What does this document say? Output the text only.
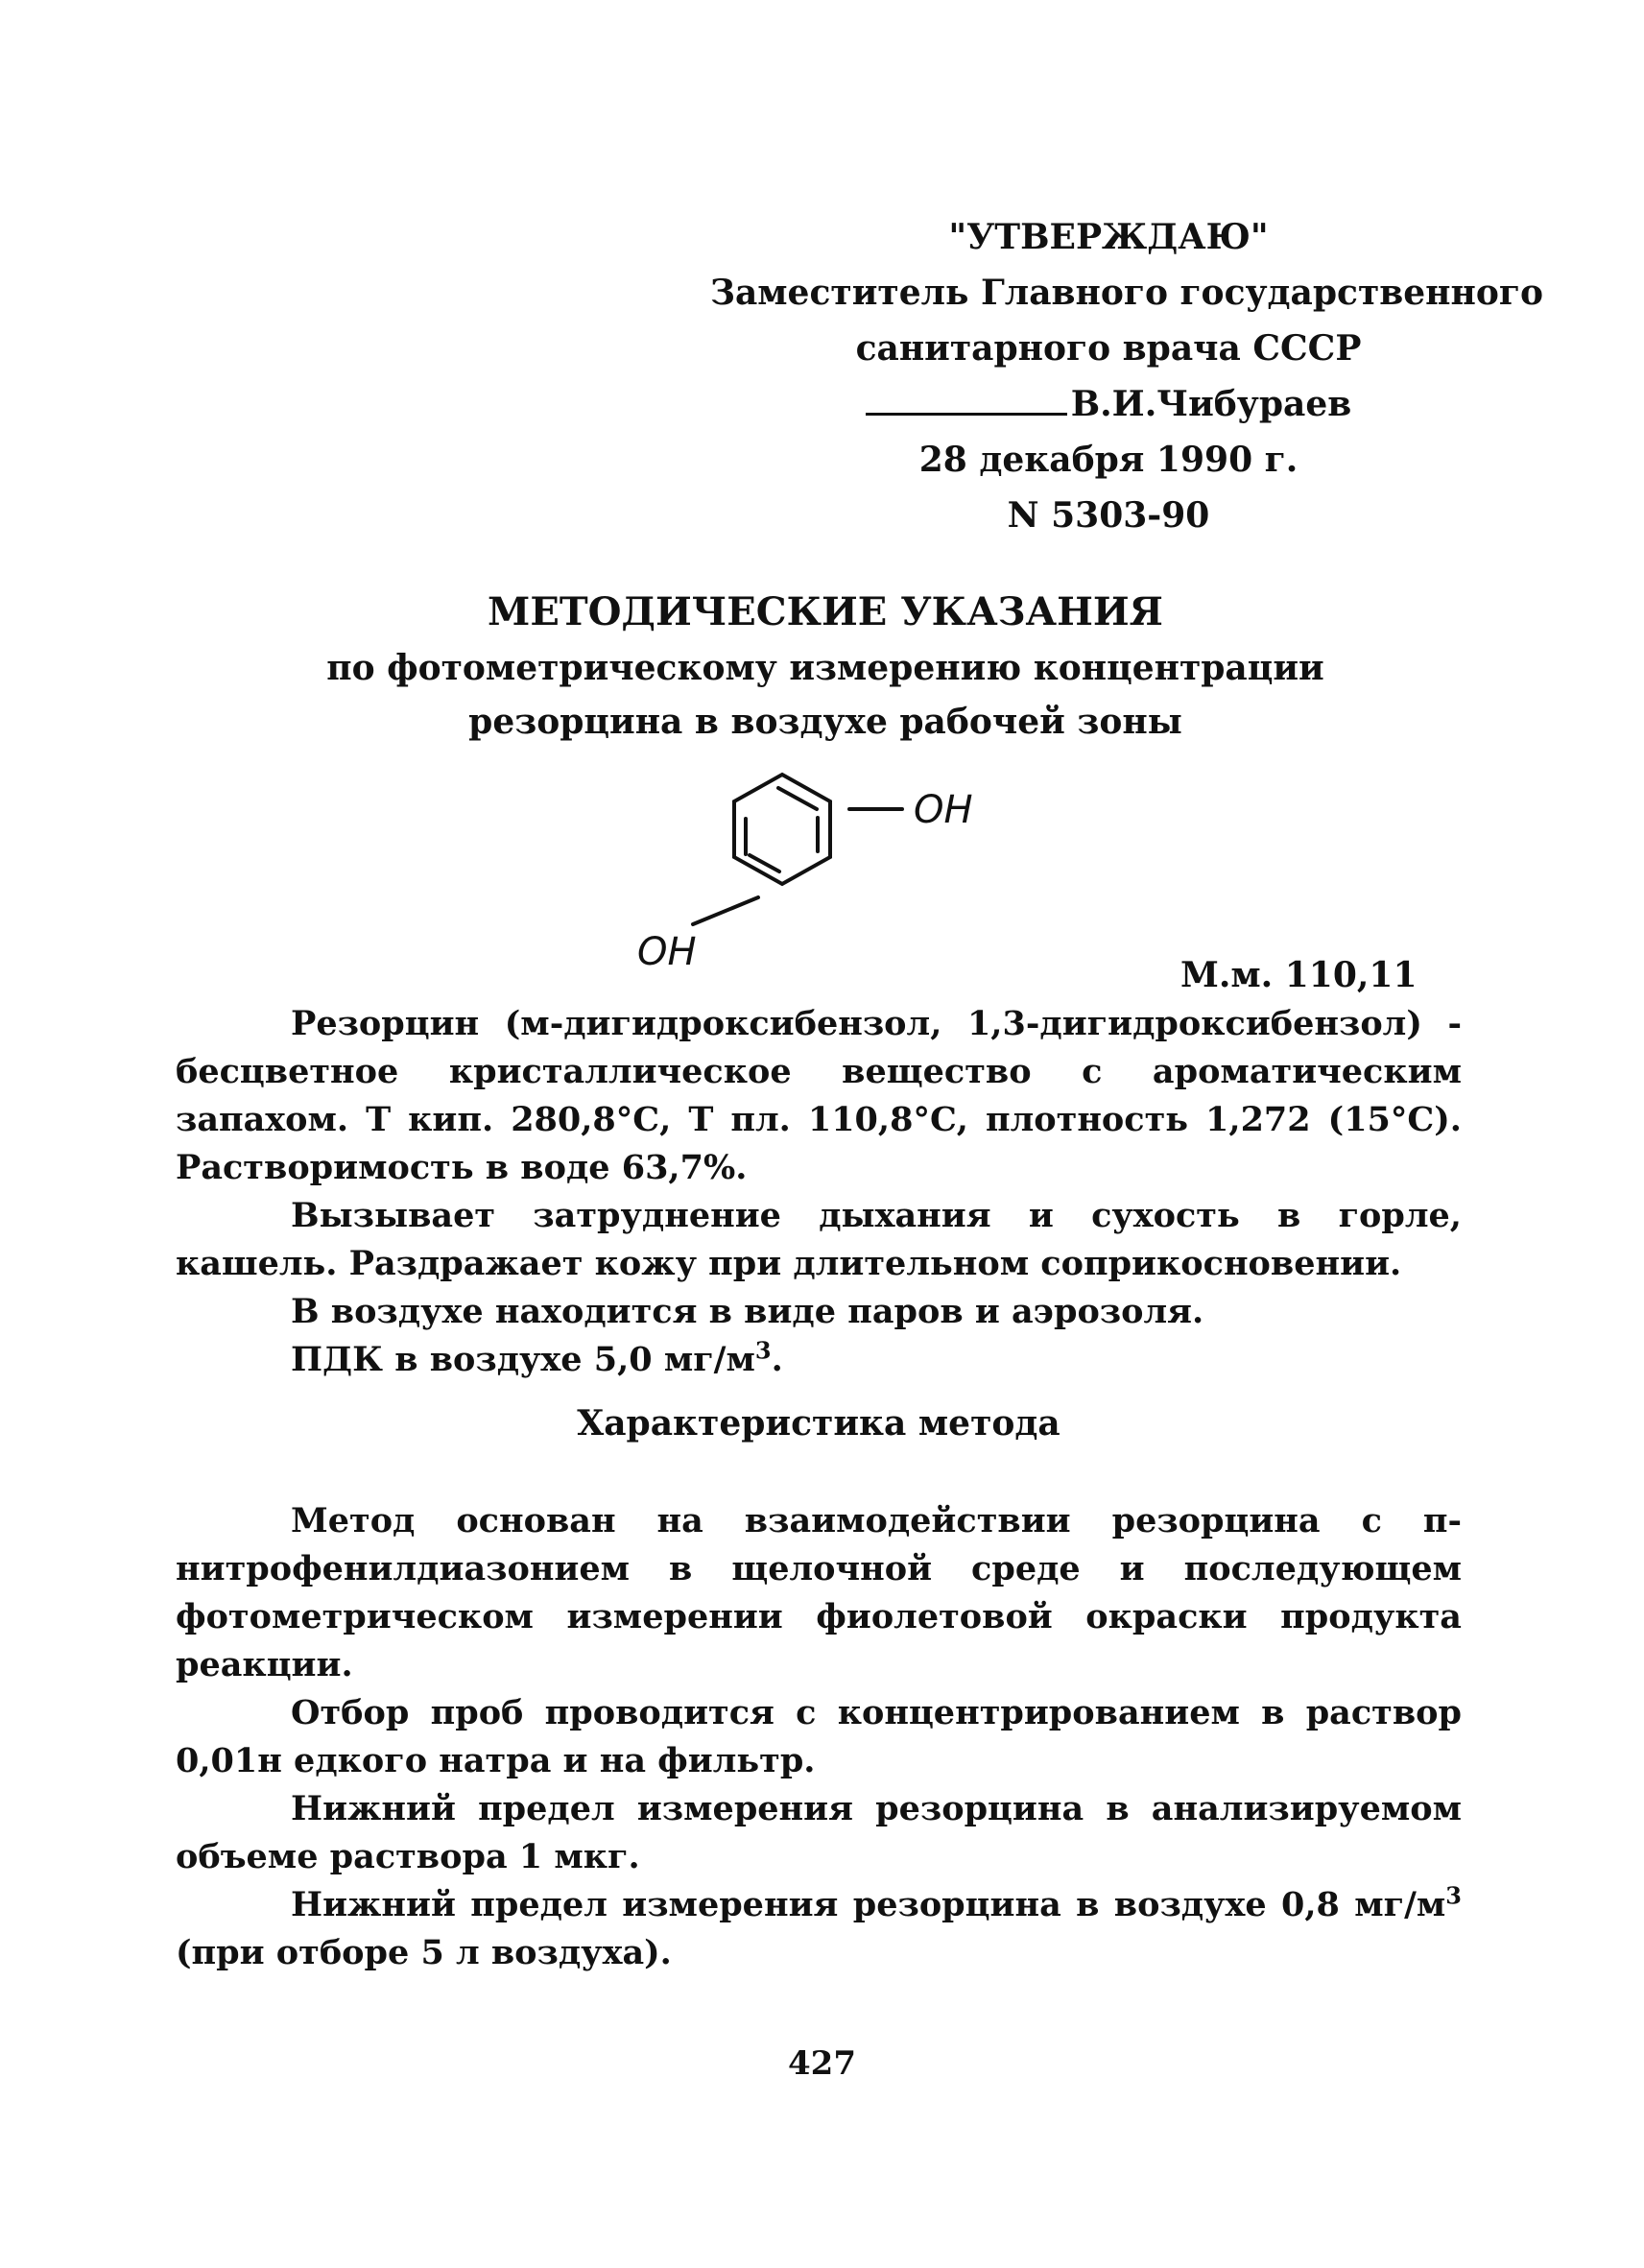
"УТВЕРЖДАЮ"
Заместитель Главного государственного
санитарного врача СССР
В.И.Чибураев
28 декабря 1990 г.
N 5303-90
МЕТОДИЧЕСКИЕ УКАЗАНИЯ
по фотометрическому измерению концентрации
резорцина в воздухе рабочей зоны
OH
OH
М.м. 110,11

Резорцин (м-дигидроксибензол, 1,3-дигидроксибензол) - бесцветное кристаллическое вещество с ароматическим запахом. Т кип. 280,8°С, Т пл. 110,8°С, плотность 1,272 (15°С). Растворимость в воде 63,7%.

Вызывает затруднение дыхания и сухость в горле, кашель. Раздражает кожу при длительном соприкосновении.

В воздухе находится в виде паров и аэрозоля.

ПДК в воздухе 5,0 $мг/м^3$.

Характеристика метода

Метод основан на взаимодействии резорцина с п-нитрофенилдиазонием в щелочной среде и последующем фотометрическом измерении фиолетовой окраски продукта реакции.

Отбор проб проводится с концентрированием в раствор 0,01н едкого натра и на фильтр.

Нижний предел измерения резорцина в анализируемом объеме раствора 1 мкг.

Нижний предел измерения резорцина в воздухе 0,8 $мг/м^3$ (при отборе 5 л воздуха).

427
